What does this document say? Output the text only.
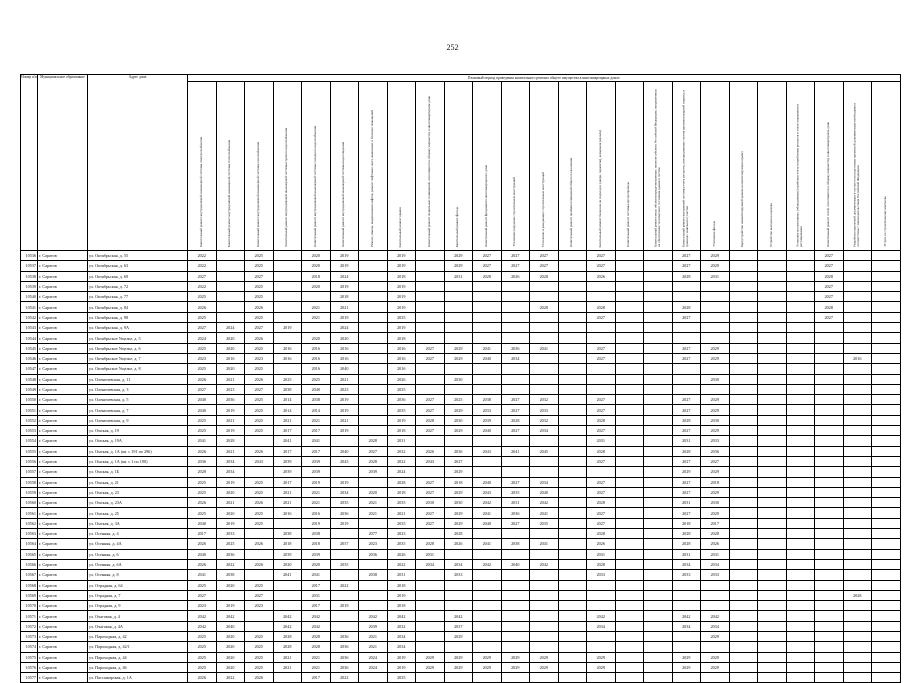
252
Номер п/п	Муниципальное образование	Адрес дома	Плановый период проведения капитального ремонта общего имущества в многоквартирных домах																								

			Капитальный ремонт внутридомовой инженерной системы электроснабжения	Капитальный ремонт внутридомовой инженерной системы теплоснабжения	Капитальный ремонт внутридомовой инженерной системы газоснабжения	Капитальный ремонт внутридомовой инженерной системы горячего водоснабжения	Капитальный ремонт внутридомовой инженерной системы холодного водоснабжения	Капитальный ремонт внутридомовой инженерной системы водоотведения	Ремонт, замена, модернизация лифтов, ремонт лифтовых шахт, машинных и блочных помещений	Капитальный ремонт крыши	Капитальный ремонт подвальных помещений, относящихся к общему имуществу в многоквартирном доме	Капитальный ремонт фасада	Капитальный ремонт фундамента многоквартирного дома	Утепление наружных строительных конструкций	Утепление ограждающих строительных конструкций	Капитальный ремонт проёмов помещений общего пользования	Капитальный ремонт балконов на подъездах (двери, парапеты), козырьков (кровли)	Капитальный ремонт системы мусоропровода	Капитальный ремонт иных объектов/предусмотренных законом субъекта Российской Федерации, направленных на обеспечение технического состояния здания и систем	Капитальный ремонт внутренней системы учета ресурсов, внутридомовых систем противопожарной защиты, в границах земельного участка	Утепление фасада	Переустройство невентилируемой крыши на вентилируемую крышу	Устройство выходов на кровлю	Установка коллективных (общедомовых) приборов учета потребления ресурсов и узлов управления и регулирования	Капитальный ремонт сетей, относящихся к общему имуществу в многоквартирном доме	Разработка проектной документации в случае если подготовка проектной документации необходима в соответствии с законодательством Российской Федерации	Услуги по строительному контролю

10536	г. Саратов	ул. Октябрьская, д. 55	2022		2025		2020	2019		2019		2029	2027	2027	2027		2027			2027	2029				2027		
10537	г. Саратов	ул. Октябрьская, д. 63	2022		2025		2020	2019		2019		2029	2027	2027	2027		2027			2027	2029				2027		
10538	г. Саратов	ул. Октябрьская, д. 69	2027		2027		2018	2024		2018		2031	2028	2026	2028		2026			2028	2031				2028		
10539	г. Саратов	ул. Октябрьская, д. 72	2022		2025		2020	2019		2019															2027		
10540	г. Саратов	ул. Октябрьская, д. 77	2025		2025			2018		2019															2027		
10541	г. Саратов	ул. Октябрьская, д. 84	2026		2026		2021	2021		2019					2028		2028			2028					2028		
10542	г. Саратов	ул. Октябрьская, д. 98	2025		2025		2021	2019		2035							2027			2027					2027		
10543	г. Саратов	ул. Октябрьская, д. 9А	2027	2024	2027	2019		2024		2019																	
10544	г. Саратов	ул. Октябрьское Ущелье, д. 5	2024	2020	2026		2020	2020		2018																	
10545	г. Саратов	ул. Октябрьское Ущелье, д. 6	2025	2020	2025	2016	2016	2016		2016	2027	2029	2041	2036	2041		2027			2027	2029						
10546	г. Саратов	ул. Октябрьское Ущелье, д. 7	2023	2016	2023	2016	2016	2016		2016	2027	2029	2040	2034			2027			2027	2029					2016	
10547	г. Саратов	ул. Октябрьское Ущелье, д. 8	2025	2020	2025		2016	2040		2016																	
10548	г. Саратов	ул. Оленичевская, д. 11	2026	2021	2026	2025	2025	2021		2026		2030									2030						
10549	г. Саратов	ул. Оленичевская, д. 3	2027	2023	2027	2038	2040	2023		2035																	
10550	г. Саратов	ул. Оленичевская, д. 5	2040	2036	2025	2014	2038	2019		2036	2027	2025	2038	2027	2032		2027			2027	2029						
10551	г. Саратов	ул. Оленичевская, д. 7	2040	2019	2025	2014	2014	2019		2035	2027	2029	2033	2027	2033		2027			2027	2029						
10552	г. Саратов	ул. Оленичевская, д. 9	2025	2021	2025	2021	2021	2021		2019	2028	2030	2039	2028	2032		2028			2028	2030						
10553	г. Саратов	ул. Омская, д. 19	2025	2019	2025	2017	2017	2019		2018	2027	2029	2040	2027	2034		2027			2027	2029						
10554	г. Саратов	ул. Омская, д. 19А	2041	2028		2041	2041		2028	2031							2031			2031	2033						
10555	г. Саратов	ул. Омская, д. 1А (кв. с 191 по 296)	2026	2021	2026	2017	2017	2040	2027	2032	2026	2036	2043	2041	2045		2028			2028	2036						
10556	г. Саратов	ул. Омская, д. 1А (кв. с 1 по 190)	2036	2034	2043	2039	2039	2043	2028	2022	2043	2027					2027			2027	2027						
10557	г. Саратов	ул. Омская, д. 1Б	2028	2034		2039	2039		2039	2024		2029								2029	2029						
10558	г. Саратов	ул. Омская, д. 21	2025	2019	2025	2017	2019	2019		2028	2027	2018	2040	2027	2034		2027			2027	2018						
10559	г. Саратов	ул. Омская, д. 23	2025	2020	2025	2021	2021	2034	2020	2018	2027	2029	2043	2035	2040		2027			2027	2029						
10560	г. Саратов	ул. Омская, д. 23А	2026	2021	2026	2021	2021	2035	2021	2035	2030	2030	2042	2031	2042		2028			2031	2030						
10561	г. Саратов	ул. Омская, д. 25	2025	2020	2025	2016	2016	2036	2021	2021	2027	2029	2041	2036	2041		2027			2027	2029						
10562	г. Саратов	ул. Омская, д. 3А	2040	2019	2025		2019	2019		2035	2027	2029	2040	2027	2035		2027			2018	2017						
10563	г. Саратов	ул. Осенняя, д. 4	2017	2033		2038	2038		2077	2023		2028					2028			2028	2028						
10564	г. Саратов	ул. Осенняя, д. 4А	2026	2025	2026	2018	2018	2037	2023	2035	2028	2026	2041	2038	2041		2026			2028	2026						
10565	г. Саратов	ул. Осенняя, д. 6	2040	2036		2039	2039		2036	2026	2031						2031			2031	2031						
10566	г. Саратов	ул. Осенняя, д. 6А	2026	2022	2026	2020	2020	2035		2022	2034	2034	2042	2040	2042		2028			2034	2034						
10567	г. Саратов	ул. Осенняя, д. 8	2041	2038		2041	2041		2038	2031		2033					2033			2033	2033						
10568	г. Саратов	ул. Отрадная, д. 64	2025	2020	2025		2017	2022		2018																	
10569	г. Саратов	ул. Отрадная, д. 7	2027		2027		2031			2019																2028	
10570	г. Саратов	ул. Отрадная, д. 9	2023	2019	2023		2017	2019		2018																	
10571	г. Саратов	ул. Очаговая, д. 4	2042	2042		2042	2042		2042	2042		2042					2042			2042	2042						
10572	г. Саратов	ул. Очаговая, д. 4А	2042	2040		2042	2042		2039	2032		2037					2034			2034	2034						
10573	г. Саратов	ул. Пароходная, д. 42	2025	2020	2025	2028	2028	2036	2021	2034		2029									2029						
10574	г. Саратов	ул. Пароходная, д. 42/1	2025	2020	2025	2028	2028	2036	2021	2034																	
10575	г. Саратов	ул. Пароходная, д. 44	2025	2020	2025	2021	2021	2036	2024	2019	2029	2029	2029	2029	2029		2029			2029	2029						
10576	г. Саратов	ул. Пароходная, д. 46	2025	2020	2025	2021	2021	2036	2024	2019	2029	2029	2029	2029	2029		2029			2029	2029						
10577	г. Саратов	ул. Пассажирская, д. 1А	2026	2022	2026		2017	2022		2035																	
